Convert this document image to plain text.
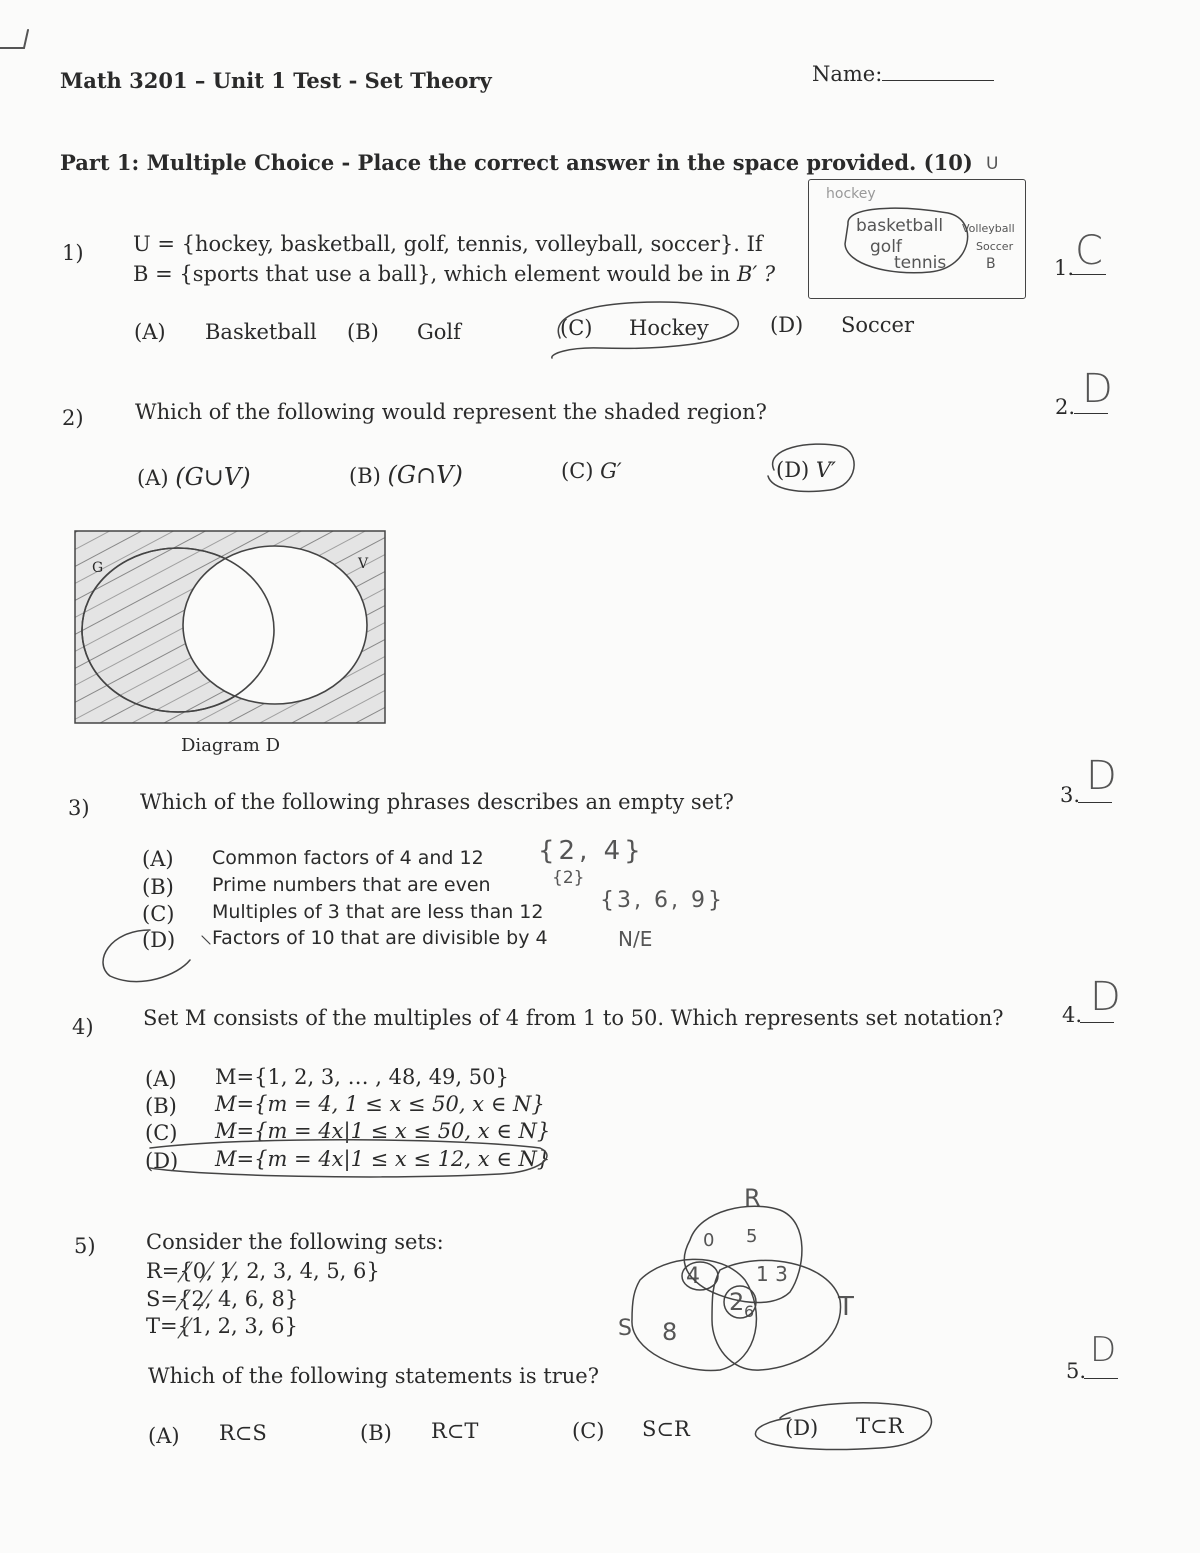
Math 3201 – Unit 1 Test - Set Theory	Name:
Part 1: Multiple Choice - Place the correct answer in the space provided. (10)
1) U = {hockey, basketball, golf, tennis, volleyball, soccer}. If
B = {sports that use a ball}, which element would be in B′ ?
(A) Basketball (B) Golf	(C) Hockey	(D) Soccer
1. C
U
hockey
basketball
golf
tennis
Volleyball
Soccer
B
2) Which of the following would represent the shaded region?
(A) (G∪V)	(B) (G∩V)	(C) G′	(D) V′
2. D
G	V
Diagram D
3) Which of the following phrases describes an empty set?
(A) Common factors of 4 and 12
(B) Prime numbers that are even
(C) Multiples of 3 that are less than 12
(D) Factors of 10 that are divisible by 4
{2, 4}
{2}
{3, 6, 9}
N/E
3. D
4) Set M consists of the multiples of 4 from 1 to 50. Which represents set notation?
(A) M={1, 2, 3, … , 48, 49, 50}
(B) M={m = 4, 1 ≤ x ≤ 50, x ∈ N}
(C) M={m = 4x|1 ≤ x ≤ 50, x ∈ N}
(D) M={m = 4x|1 ≤ x ≤ 12, x ∈ N}
4. D
5) Consider the following sets:
R={0, 1, 2, 3, 4, 5, 6}
S={2, 4, 6, 8}
T={1, 2, 3, 6}
Which of the following statements is true?
(A) R⊂S	(B) R⊂T	(C) S⊂R	(D) T⊂R
5.
D
R
S
T
0 5
4	1 3
2 6
8
